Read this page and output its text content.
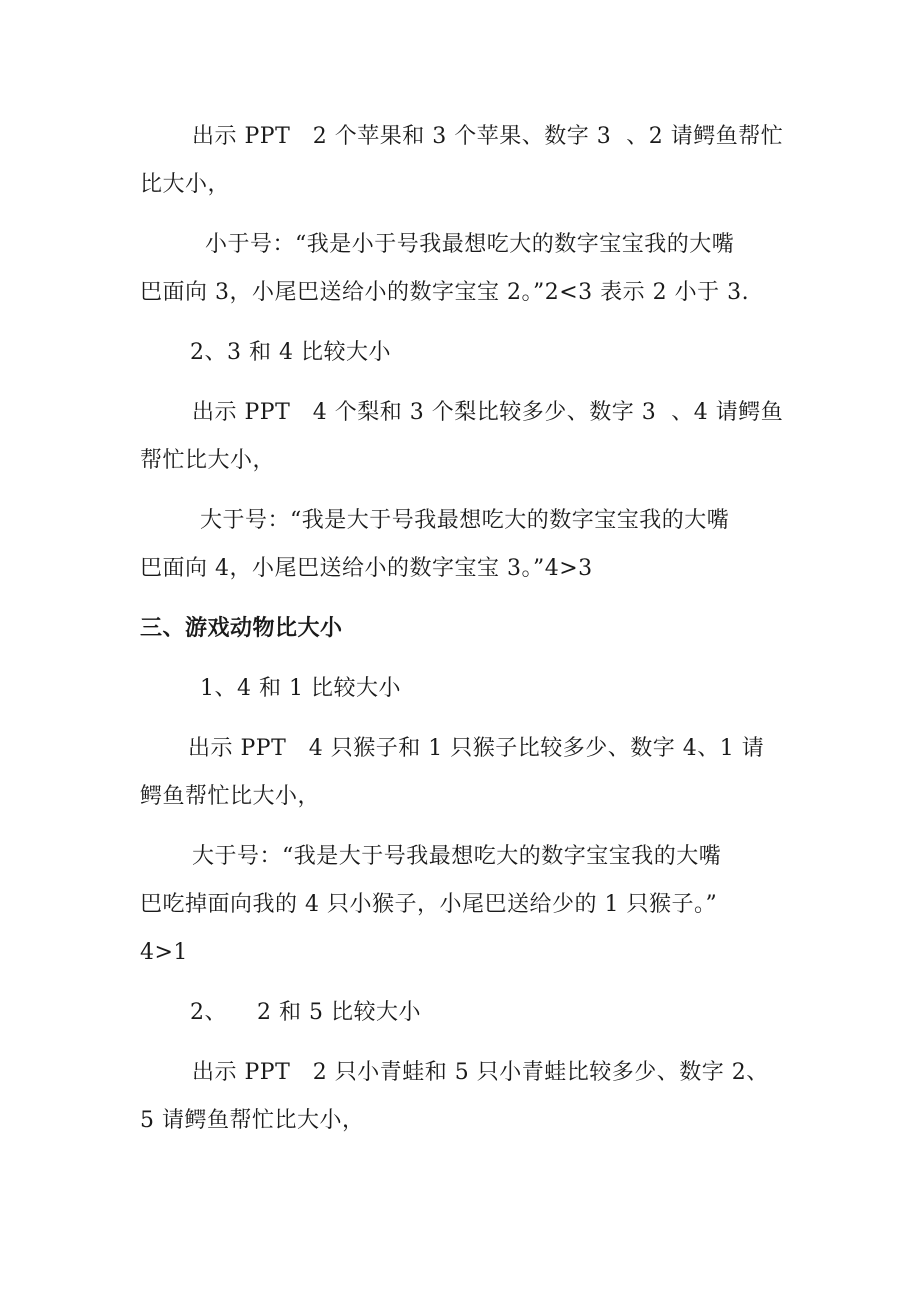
出示 PPT   2 个苹果和 3 个苹果、数字 3  、2 请鳄鱼帮忙
比大小，
小于号：“我是小于号我最想吃大的数字宝宝我的大嘴
巴面向 3，小尾巴送给小的数字宝宝 2。”2<3 表示 2 小于 3.
2、3 和 4 比较大小
出示 PPT   4 个梨和 3 个梨比较多少、数字 3  、4 请鳄鱼
帮忙比大小，
大于号：“我是大于号我最想吃大的数字宝宝我的大嘴
巴面向 4，小尾巴送给小的数字宝宝 3。”4>3
三、游戏动物比大小
1、4 和 1 比较大小
出示 PPT   4 只猴子和 1 只猴子比较多少、数字 4、1 请
鳄鱼帮忙比大小，
大于号：“我是大于号我最想吃大的数字宝宝我的大嘴
巴吃掉面向我的 4 只小猴子，小尾巴送给少的 1 只猴子。”
4>1
2、    2 和 5 比较大小
出示 PPT   2 只小青蛙和 5 只小青蛙比较多少、数字 2、
5 请鳄鱼帮忙比大小，
